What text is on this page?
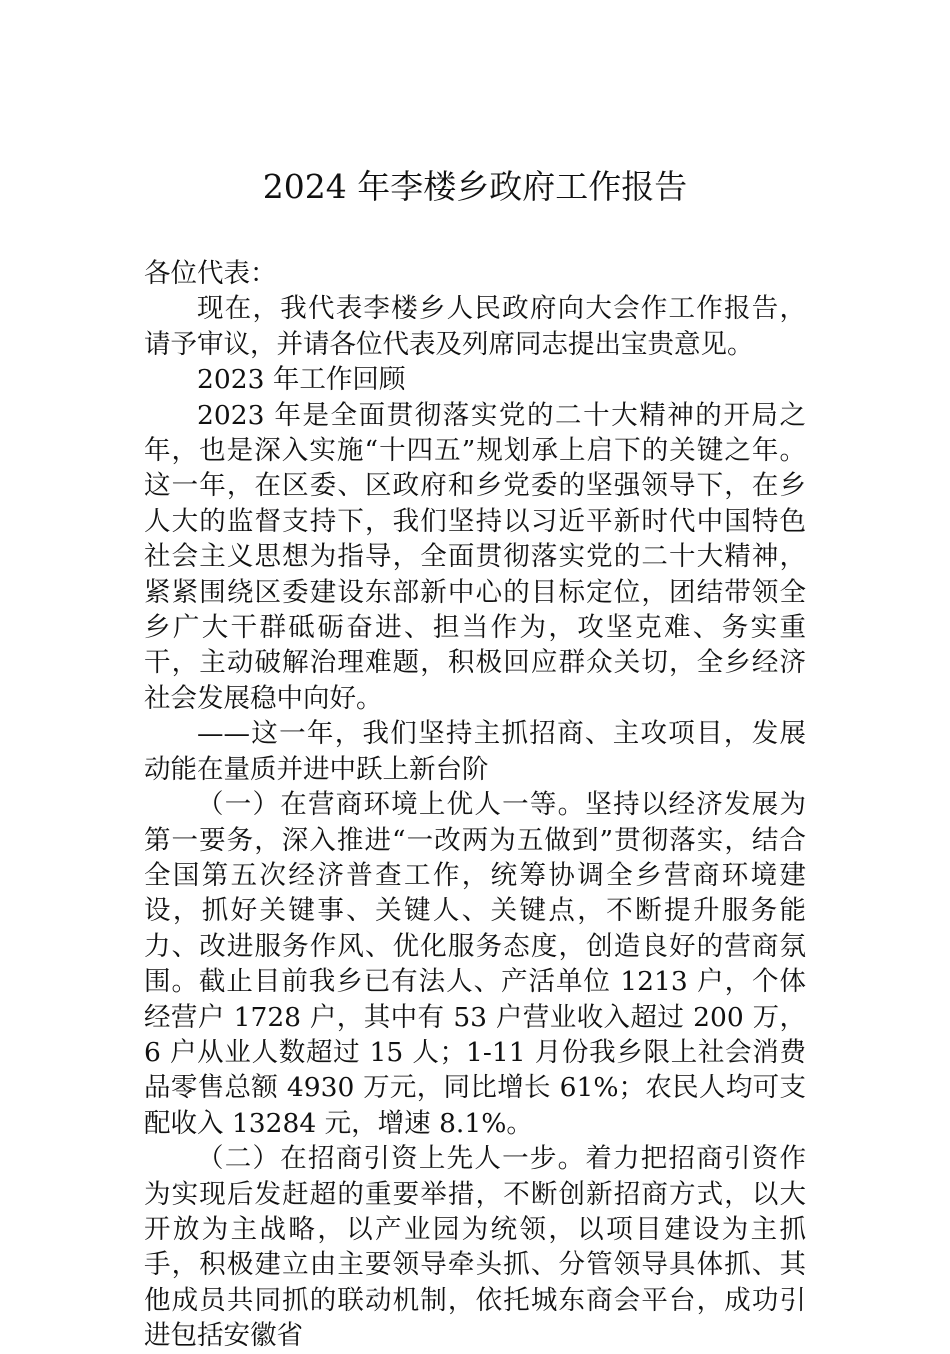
2024 年李楼乡政府工作报告

各位代表：

现在，我代表李楼乡人民政府向大会作工作报告，请予审议，并请各位代表及列席同志提出宝贵意见。

2023 年工作回顾

2023 年是全面贯彻落实党的二十大精神的开局之年，也是深入实施“十四五”规划承上启下的关键之年。这一年，在区委、区政府和乡党委的坚强领导下，在乡人大的监督支持下，我们坚持以习近平新时代中国特色社会主义思想为指导，全面贯彻落实党的二十大精神，紧紧围绕区委建设东部新中心的目标定位，团结带领全乡广大干群砥砺奋进、担当作为，攻坚克难、务实重干，主动破解治理难题，积极回应群众关切，全乡经济社会发展稳中向好。

——这一年，我们坚持主抓招商、主攻项目，发展动能在量质并进中跃上新台阶

（一）在营商环境上优人一等。坚持以经济发展为第一要务，深入推进“一改两为五做到”贯彻落实，结合全国第五次经济普查工作，统筹协调全乡营商环境建设，抓好关键事、关键人、关键点，不断提升服务能力、改进服务作风、优化服务态度，创造良好的营商氛围。截止目前我乡已有法人、产活单位 1213 户，个体经营户 1728 户，其中有 53 户营业收入超过 200 万，6 户从业人数超过 15 人；1-11 月份我乡限上社会消费品零售总额 4930 万元，同比增长 61%；农民人均可支配收入 13284 元，增速 8.1%。

（二）在招商引资上先人一步。着力把招商引资作为实现后发赶超的重要举措，不断创新招商方式，以大开放为主战略，以产业园为统领，以项目建设为主抓手，积极建立由主要领导牵头抓、分管领导具体抓、其他成员共同抓的联动机制，依托城东商会平台，成功引进包括安徽省
